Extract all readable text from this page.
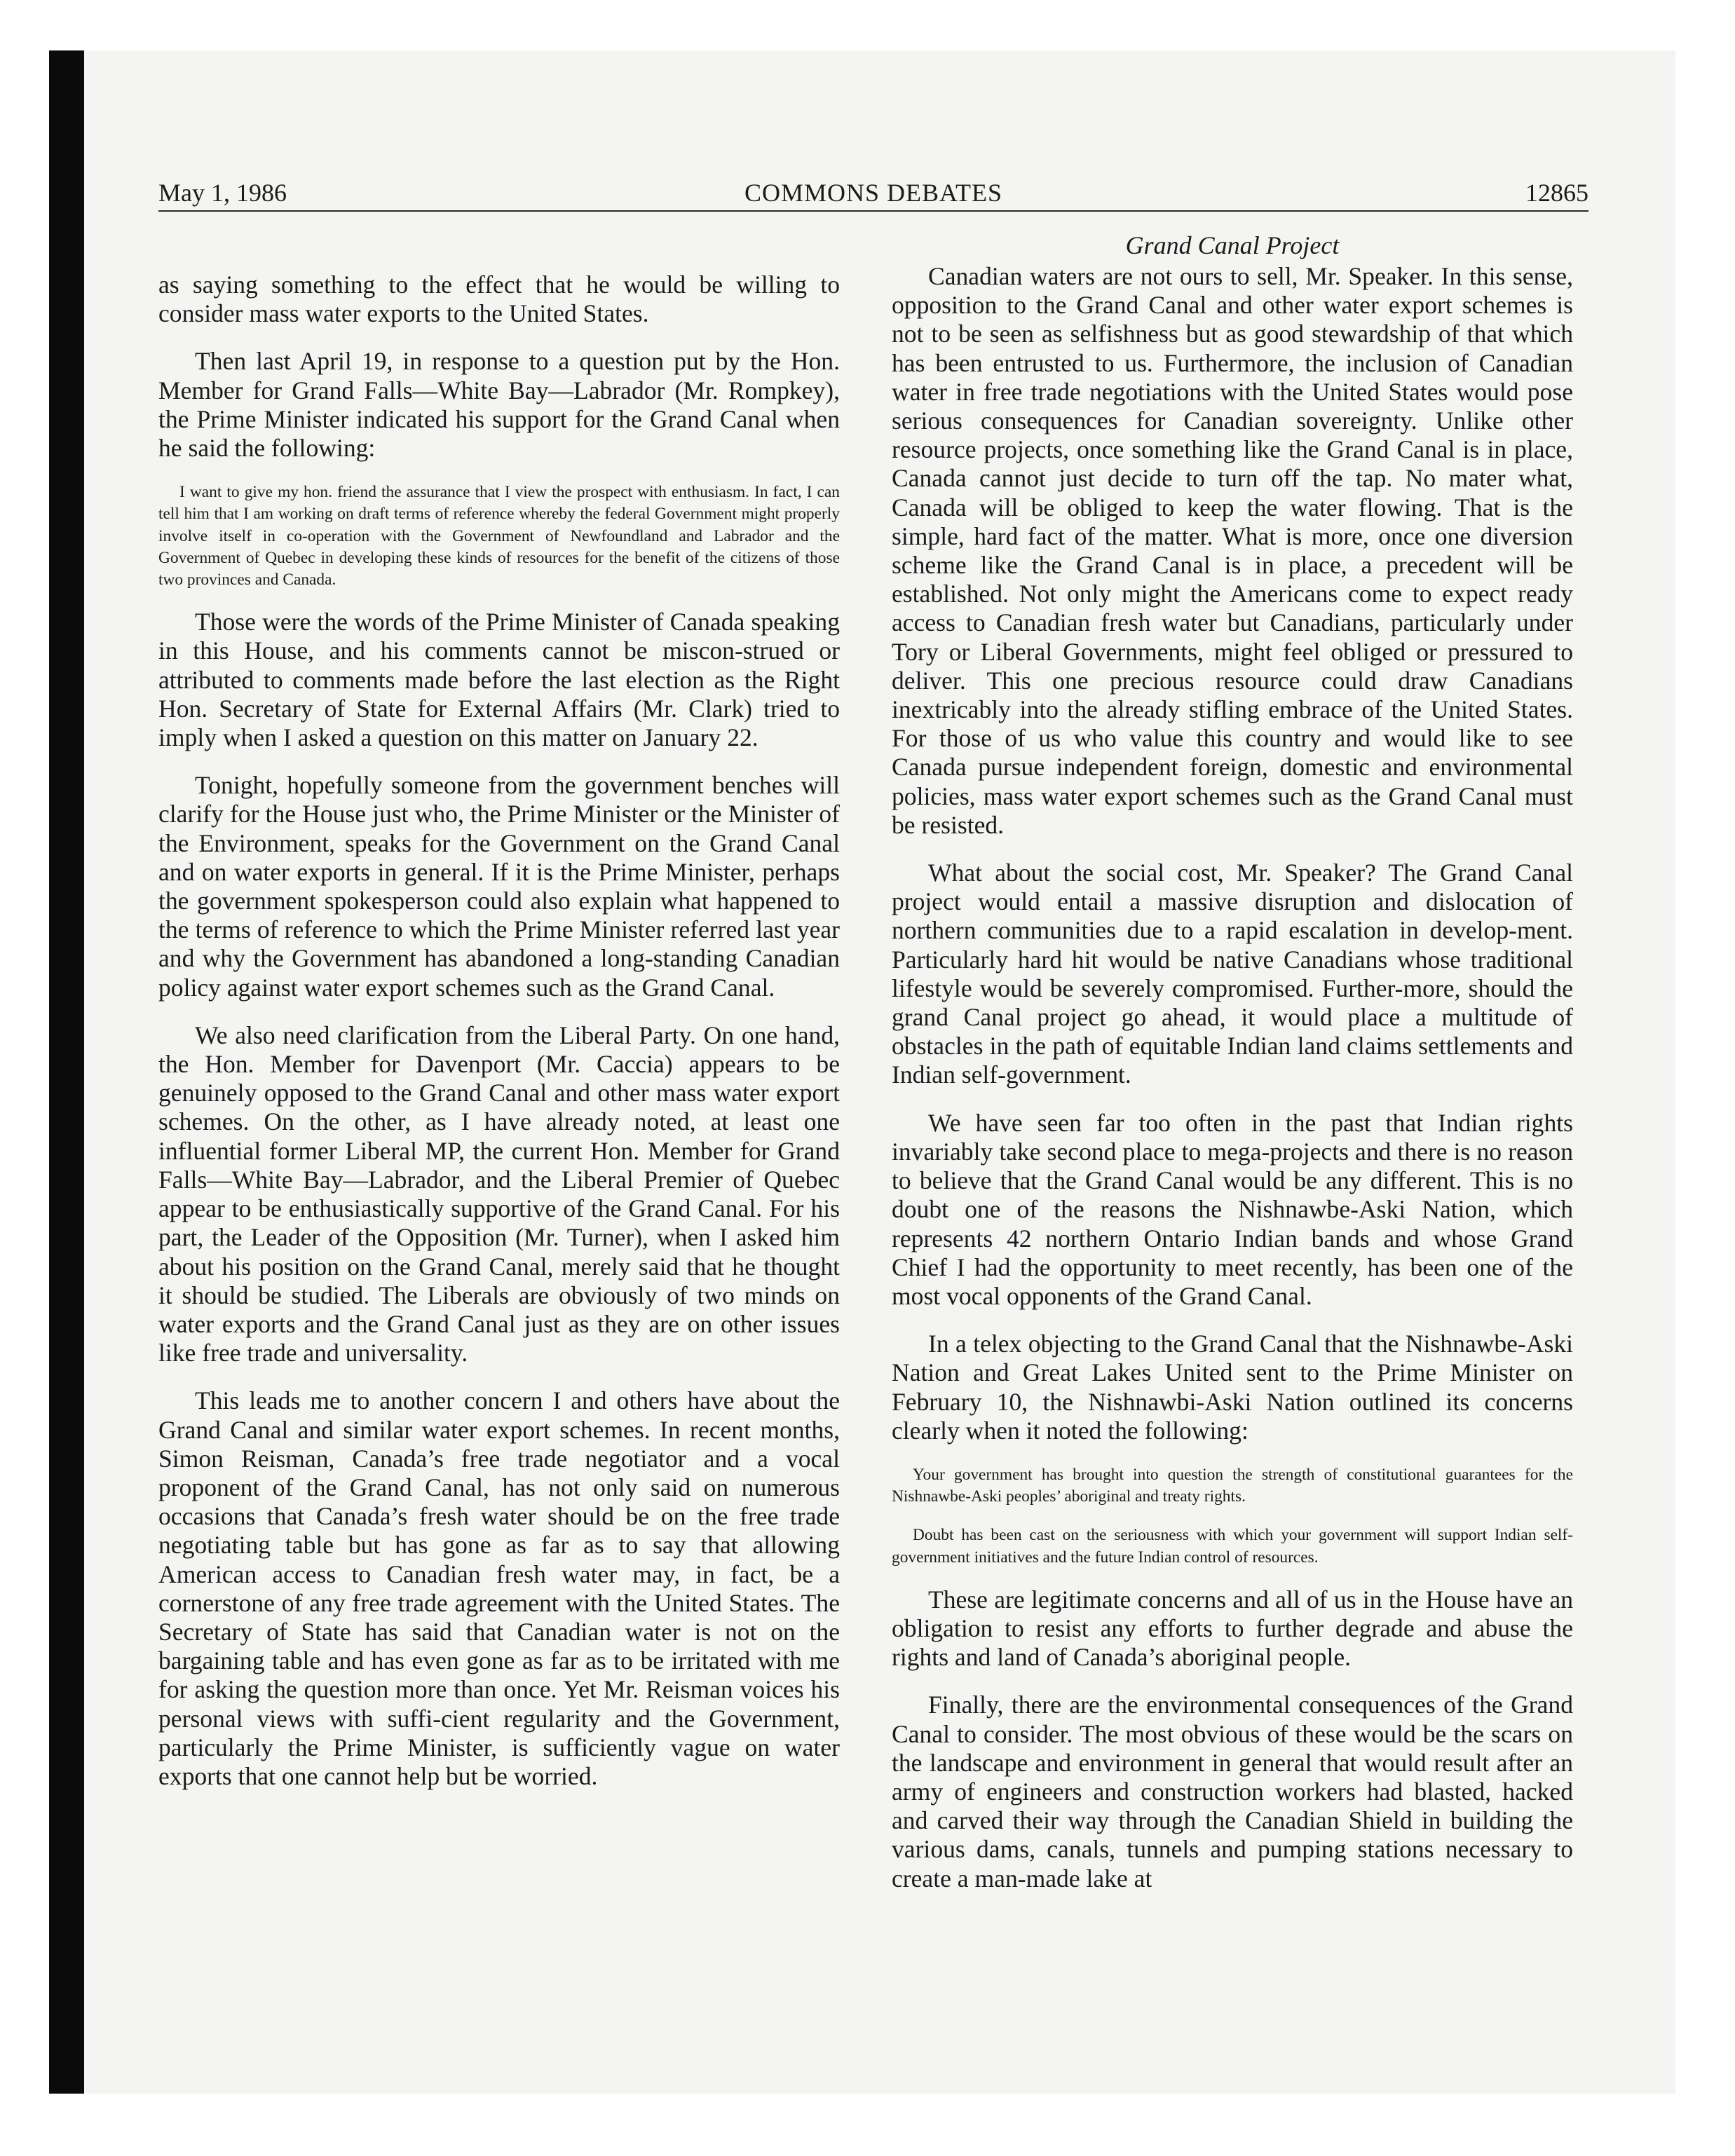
May 1, 1986	COMMONS DEBATES	12865

as saying something to the effect that he would be willing to consider mass water exports to the United States.

Then last April 19, in response to a question put by the Hon. Member for Grand Falls—White Bay—Labrador (Mr. Rompkey), the Prime Minister indicated his support for the Grand Canal when he said the following:

I want to give my hon. friend the assurance that I view the prospect with enthusiasm. In fact, I can tell him that I am working on draft terms of reference whereby the federal Government might properly involve itself in co-operation with the Government of Newfoundland and Labrador and the Government of Quebec in developing these kinds of resources for the benefit of the citizens of those two provinces and Canada.

Those were the words of the Prime Minister of Canada speaking in this House, and his comments cannot be miscon-strued or attributed to comments made before the last election as the Right Hon. Secretary of State for External Affairs (Mr. Clark) tried to imply when I asked a question on this matter on January 22.

Tonight, hopefully someone from the government benches will clarify for the House just who, the Prime Minister or the Minister of the Environment, speaks for the Government on the Grand Canal and on water exports in general. If it is the Prime Minister, perhaps the government spokesperson could also explain what happened to the terms of reference to which the Prime Minister referred last year and why the Government has abandoned a long-standing Canadian policy against water export schemes such as the Grand Canal.

We also need clarification from the Liberal Party. On one hand, the Hon. Member for Davenport (Mr. Caccia) appears to be genuinely opposed to the Grand Canal and other mass water export schemes. On the other, as I have already noted, at least one influential former Liberal MP, the current Hon. Member for Grand Falls—White Bay—Labrador, and the Liberal Premier of Quebec appear to be enthusiastically supportive of the Grand Canal. For his part, the Leader of the Opposition (Mr. Turner), when I asked him about his position on the Grand Canal, merely said that he thought it should be studied. The Liberals are obviously of two minds on water exports and the Grand Canal just as they are on other issues like free trade and universality.

This leads me to another concern I and others have about the Grand Canal and similar water export schemes. In recent months, Simon Reisman, Canada’s free trade negotiator and a vocal proponent of the Grand Canal, has not only said on numerous occasions that Canada’s fresh water should be on the free trade negotiating table but has gone as far as to say that allowing American access to Canadian fresh water may, in fact, be a cornerstone of any free trade agreement with the United States. The Secretary of State has said that Canadian water is not on the bargaining table and has even gone as far as to be irritated with me for asking the question more than once. Yet Mr. Reisman voices his personal views with suffi-cient regularity and the Government, particularly the Prime Minister, is sufficiently vague on water exports that one cannot help but be worried.

Grand Canal Project

Canadian waters are not ours to sell, Mr. Speaker. In this sense, opposition to the Grand Canal and other water export schemes is not to be seen as selfishness but as good stewardship of that which has been entrusted to us. Furthermore, the inclusion of Canadian water in free trade negotiations with the United States would pose serious consequences for Canadian sovereignty. Unlike other resource projects, once something like the Grand Canal is in place, Canada cannot just decide to turn off the tap. No mater what, Canada will be obliged to keep the water flowing. That is the simple, hard fact of the matter. What is more, once one diversion scheme like the Grand Canal is in place, a precedent will be established. Not only might the Americans come to expect ready access to Canadian fresh water but Canadians, particularly under Tory or Liberal Governments, might feel obliged or pressured to deliver. This one precious resource could draw Canadians inextricably into the already stifling embrace of the United States. For those of us who value this country and would like to see Canada pursue independent foreign, domestic and environmental policies, mass water export schemes such as the Grand Canal must be resisted.

What about the social cost, Mr. Speaker? The Grand Canal project would entail a massive disruption and dislocation of northern communities due to a rapid escalation in develop-ment. Particularly hard hit would be native Canadians whose traditional lifestyle would be severely compromised. Further-more, should the grand Canal project go ahead, it would place a multitude of obstacles in the path of equitable Indian land claims settlements and Indian self-government.

We have seen far too often in the past that Indian rights invariably take second place to mega-projects and there is no reason to believe that the Grand Canal would be any different. This is no doubt one of the reasons the Nishnawbe-Aski Nation, which represents 42 northern Ontario Indian bands and whose Grand Chief I had the opportunity to meet recently, has been one of the most vocal opponents of the Grand Canal.

In a telex objecting to the Grand Canal that the Nishnawbe-Aski Nation and Great Lakes United sent to the Prime Minister on February 10, the Nishnawbi-Aski Nation outlined its concerns clearly when it noted the following:

Your government has brought into question the strength of constitutional guarantees for the Nishnawbe-Aski peoples’ aboriginal and treaty rights.

Doubt has been cast on the seriousness with which your government will support Indian self-government initiatives and the future Indian control of resources.

These are legitimate concerns and all of us in the House have an obligation to resist any efforts to further degrade and abuse the rights and land of Canada’s aboriginal people.

Finally, there are the environmental consequences of the Grand Canal to consider. The most obvious of these would be the scars on the landscape and environment in general that would result after an army of engineers and construction workers had blasted, hacked and carved their way through the Canadian Shield in building the various dams, canals, tunnels and pumping stations necessary to create a man-made lake at
